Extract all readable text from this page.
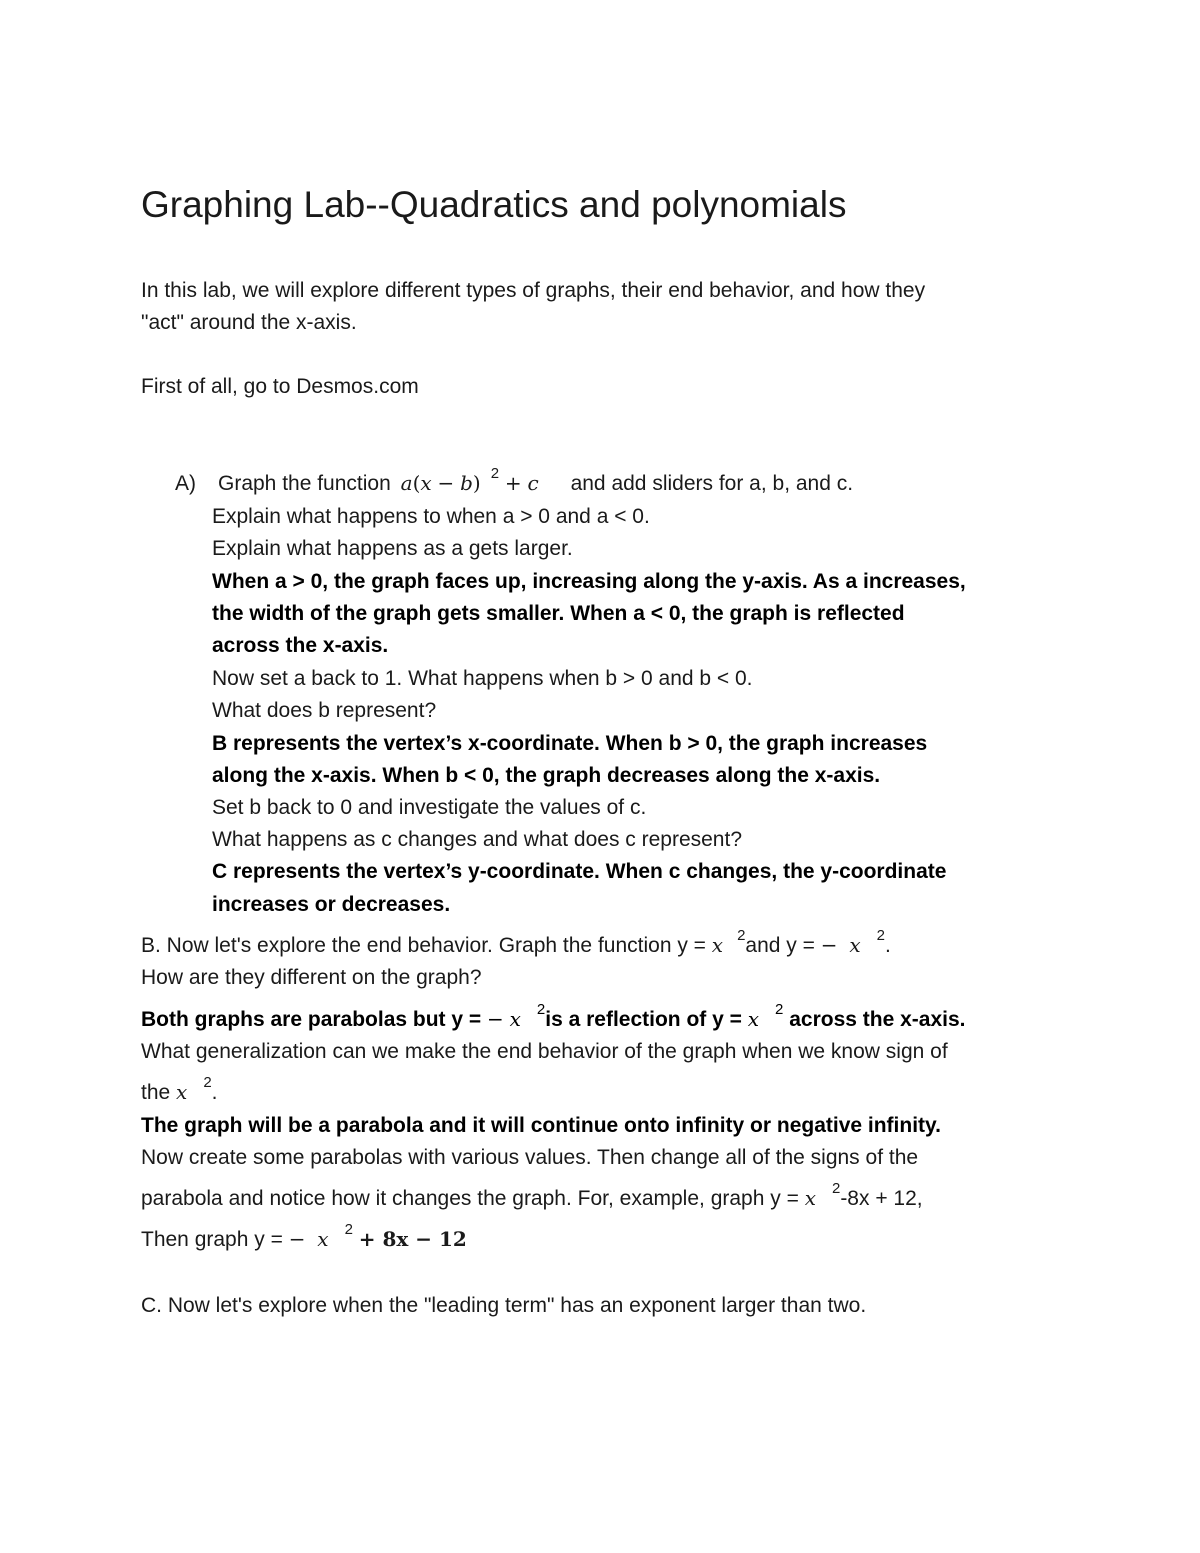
Graphing Lab--Quadratics and polynomials
In this lab, we will explore different types of graphs, their end behavior, and how they
"act" around the x-axis.
First of all, go to Desmos.com
A) Graph the function a(x − b) $^2$ + c and add sliders for a, b, and c.
Explain what happens to when a > 0 and a < 0.
Explain what happens as a gets larger.
When a > 0, the graph faces up, increasing along the y-axis. As a increases,
the width of the graph gets smaller. When a < 0, the graph is reflected
across the x-axis.
Now set a back to 1. What happens when b > 0 and b < 0.
What does b represent?
B represents the vertex’s x-coordinate. When b > 0, the graph increases
along the x-axis. When b < 0, the graph decreases along the x-axis.
Set b back to 0 and investigate the values of c.
What happens as c changes and what does c represent?
C represents the vertex’s y-coordinate. When c changes, the y-coordinate
increases or decreases.
B. Now let's explore the end behavior. Graph the function y = x $^2$and y = − x $^2$.
How are they different on the graph?
Both graphs are parabolas but y = − x $^2$is a reflection of y = x $^2$ across the x-axis.
What generalization can we make the end behavior of the graph when we know sign of
the x $^2$.
The graph will be a parabola and it will continue onto infinity or negative infinity.
Now create some parabolas with various values. Then change all of the signs of the
parabola and notice how it changes the graph. For, example, graph y = x $^2$-8x + 12,
Then graph y = − x $^2$ + 8x − 12
C. Now let's explore when the "leading term" has an exponent larger than two.
